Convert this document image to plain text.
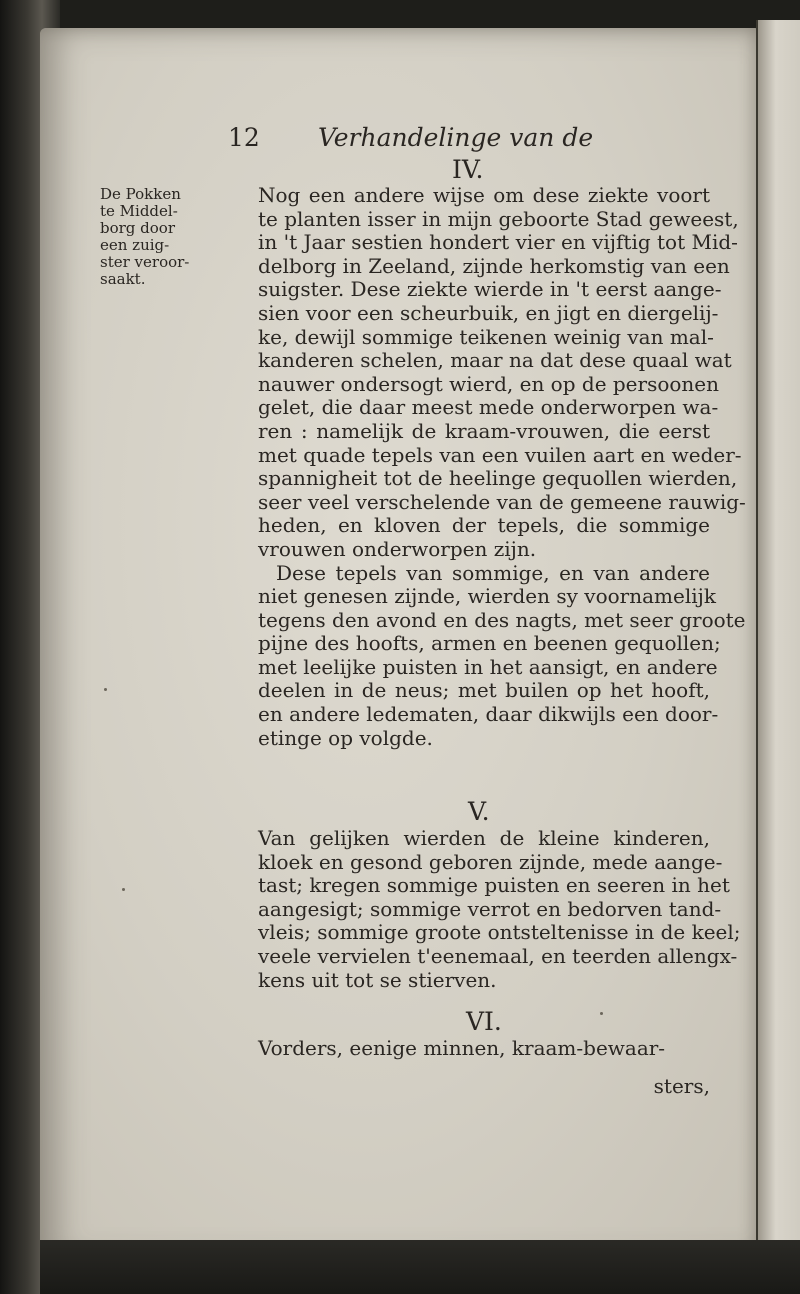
12 Verhandelinge van de
De Pokken
te Middel-
borg door
een zuig-
ster veroor-
saakt.
IV.
Nog een andere wijse om dese ziekte voort
te planten isser in mijn geboorte Stad geweest,
in 't Jaar sestien hondert vier en vijftig tot Mid-
delborg in Zeeland, zijnde herkomstig van een
suigster. Dese ziekte wierde in 't eerst aange-
sien voor een scheurbuik, en jigt en diergelij-
ke, dewijl sommige teikenen weinig van mal-
kanderen schelen, maar na dat dese quaal wat
nauwer ondersogt wierd, en op de persoonen
gelet, die daar meest mede onderworpen wa-
ren : namelijk de kraam-vrouwen, die eerst
met quade tepels van een vuilen aart en weder-
spannigheit tot de heelinge gequollen wierden,
seer veel verschelende van de gemeene rauwig-
heden, en kloven der tepels, die sommige
vrouwen onderworpen zijn.
Dese tepels van sommige, en van andere
niet genesen zijnde, wierden sy voornamelijk
tegens den avond en des nagts, met seer groote
pijne des hoofts, armen en beenen gequollen;
met leelijke puisten in het aansigt, en andere
deelen in de neus; met builen op het hooft,
en andere ledematen, daar dikwijls een door-
etinge op volgde.
V.
Van gelijken wierden de kleine kinderen,
kloek en gesond geboren zijnde, mede aange-
tast; kregen sommige puisten en seeren in het
aangesigt; sommige verrot en bedorven tand-
vleis; sommige groote ontsteltenisse in de keel;
veele vervielen t'eenemaal, en teerden allengx-
kens uit tot se stierven.
VI.
Vorders, eenige minnen, kraam-bewaar-
sters,
